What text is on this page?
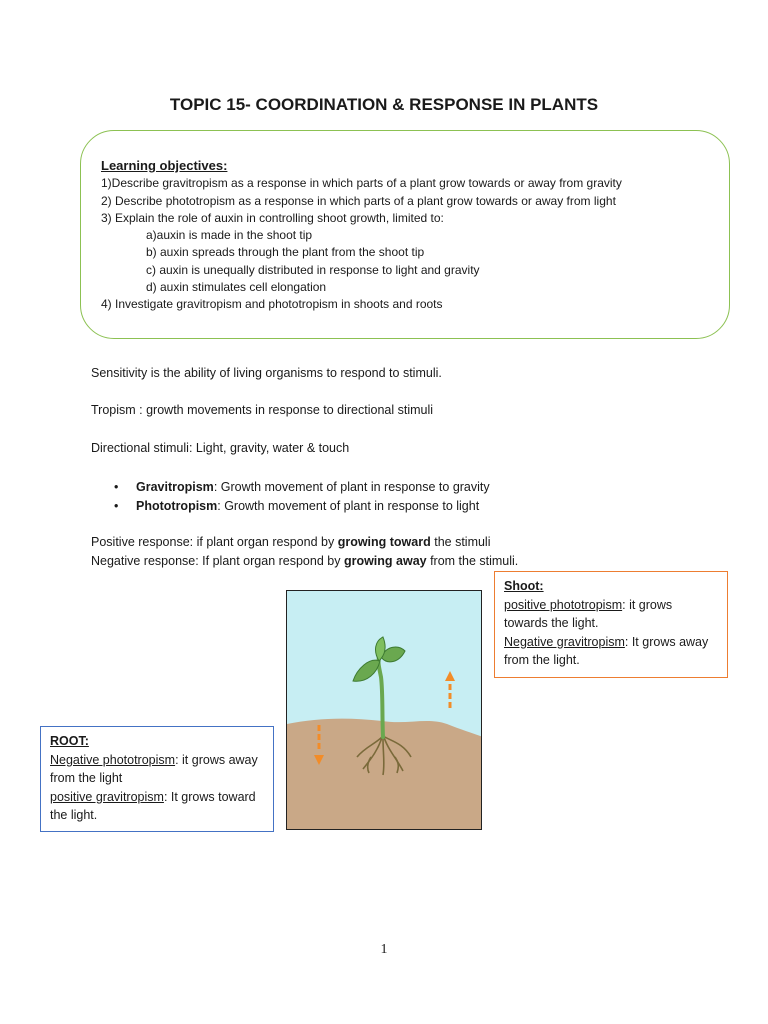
TOPIC 15- COORDINATION & RESPONSE IN PLANTS
Learning objectives:
1)Describe gravitropism as a response in which parts of a plant grow towards or away from gravity
2) Describe phototropism as a response in which parts of a plant grow towards or away from light
3) Explain the role of auxin in controlling shoot growth, limited to:
a)auxin is made in the shoot tip
b) auxin spreads through the plant from the shoot tip
c) auxin is unequally distributed in response to light and gravity
d) auxin stimulates cell elongation
4) Investigate gravitropism and phototropism in shoots and roots

Sensitivity is the ability of living organisms to respond to stimuli.

Tropism : growth movements in response to directional stimuli

Directional stimuli: Light, gravity, water & touch

• Gravitropism: Growth movement of plant in response to gravity
• Phototropism: Growth movement of plant in response to light

Positive response: if plant organ respond by growing toward the stimuli

Negative response: If plant organ respond by growing away from the stimuli.

Shoot:
positive phototropism: it grows towards the light.
Negative gravitropism: It grows away from the light.
ROOT:
Negative phototropism: it grows away from the light
positive gravitropism: It grows toward the light.
1
